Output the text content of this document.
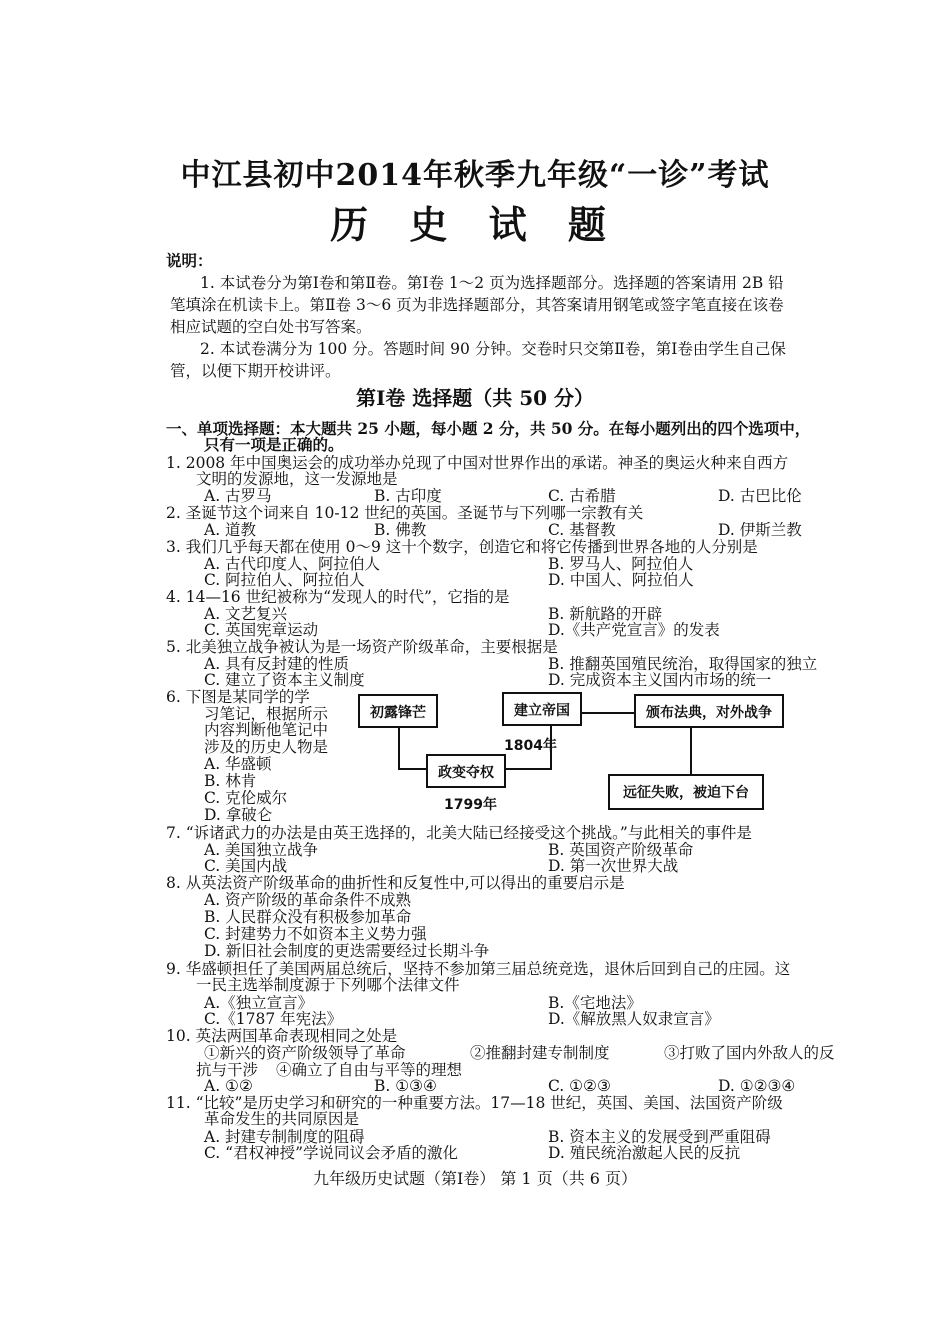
中江县初中2014年秋季九年级“一诊”考试
历 史 试 题
说明：
1. 本试卷分为第Ⅰ卷和第Ⅱ卷。第Ⅰ卷 1～2 页为选择题部分。选择题的答案请用 2B 铅
笔填涂在机读卡上。第Ⅱ卷 3～6 页为非选择题部分，其答案请用钢笔或签字笔直接在该卷
相应试题的空白处书写答案。
2. 本试卷满分为 100 分。答题时间 90 分钟。交卷时只交第Ⅱ卷，第Ⅰ卷由学生自己保
管，以便下期开校讲评。
第Ⅰ卷 选择题（共 50 分）
一、单项选择题：本大题共 25 小题，每小题 2 分，共 50 分。在每小题列出的四个选项中，
只有一项是正确的。
1. 2008 年中国奥运会的成功举办兑现了中国对世界作出的承诺。神圣的奥运火种来自西方
文明的发源地，这一发源地是
A. 古罗马	B. 古印度	C. 古希腊	D. 古巴比伦
2. 圣诞节这个词来自 10-12 世纪的英国。圣诞节与下列哪一宗教有关
A. 道教	B. 佛教	C. 基督教	D. 伊斯兰教
3. 我们几乎每天都在使用 0～9 这十个数字，创造它和将它传播到世界各地的人分别是
A. 古代印度人、阿拉伯人	B. 罗马人、阿拉伯人
C. 阿拉伯人、阿拉伯人	D. 中国人、阿拉伯人
4. 14—16 世纪被称为“发现人的时代”，它指的是
A. 文艺复兴	B. 新航路的开辟
C. 英国宪章运动	D.《共产党宣言》的发表
5. 北美独立战争被认为是一场资产阶级革命，主要根据是
A. 具有反封建的性质	B. 推翻英国殖民统治，取得国家的独立
C. 建立了资本主义制度	D. 完成资本主义国内市场的统一
6. 下图是某同学的学
习笔记，根据所示
内容判断他笔记中
涉及的历史人物是
A. 华盛顿
B. 林肯
C. 克伦威尔
D. 拿破仑
初露锋芒	建立帝国	颁布法典，对外战争
政变夺权
远征失败，被迫下台
1804年
1799年
7. “诉诸武力的办法是由英王选择的，北美大陆已经接受这个挑战。”与此相关的事件是
A. 美国独立战争	B. 英国资产阶级革命
C. 美国内战	D. 第一次世界大战
8. 从英法资产阶级革命的曲折性和反复性中,可以得出的重要启示是
A. 资产阶级的革命条件不成熟
B. 人民群众没有积极参加革命
C. 封建势力不如资本主义势力强
D. 新旧社会制度的更迭需要经过长期斗争
9. 华盛顿担任了美国两届总统后，坚持不参加第三届总统竞选，退休后回到自己的庄园。这
一民主选举制度源于下列哪个法律文件
A.《独立宣言》	B.《宅地法》
C.《1787 年宪法》	D.《解放黑人奴隶宣言》
10. 英法两国革命表现相同之处是
①新兴的资产阶级领导了革命	②推翻封建专制制度	③打败了国内外敌人的反
抗与干涉 ④确立了自由与平等的理想
A. ①②	B. ①③④	C. ①②③	D. ①②③④
11. “比较”是历史学习和研究的一种重要方法。17—18 世纪，英国、美国、法国资产阶级
革命发生的共同原因是
A. 封建专制制度的阻碍	B. 资本主义的发展受到严重阻碍
C. “君权神授”学说同议会矛盾的激化	D. 殖民统治激起人民的反抗
九年级历史试题（第Ⅰ卷） 第 1 页（共 6 页）
